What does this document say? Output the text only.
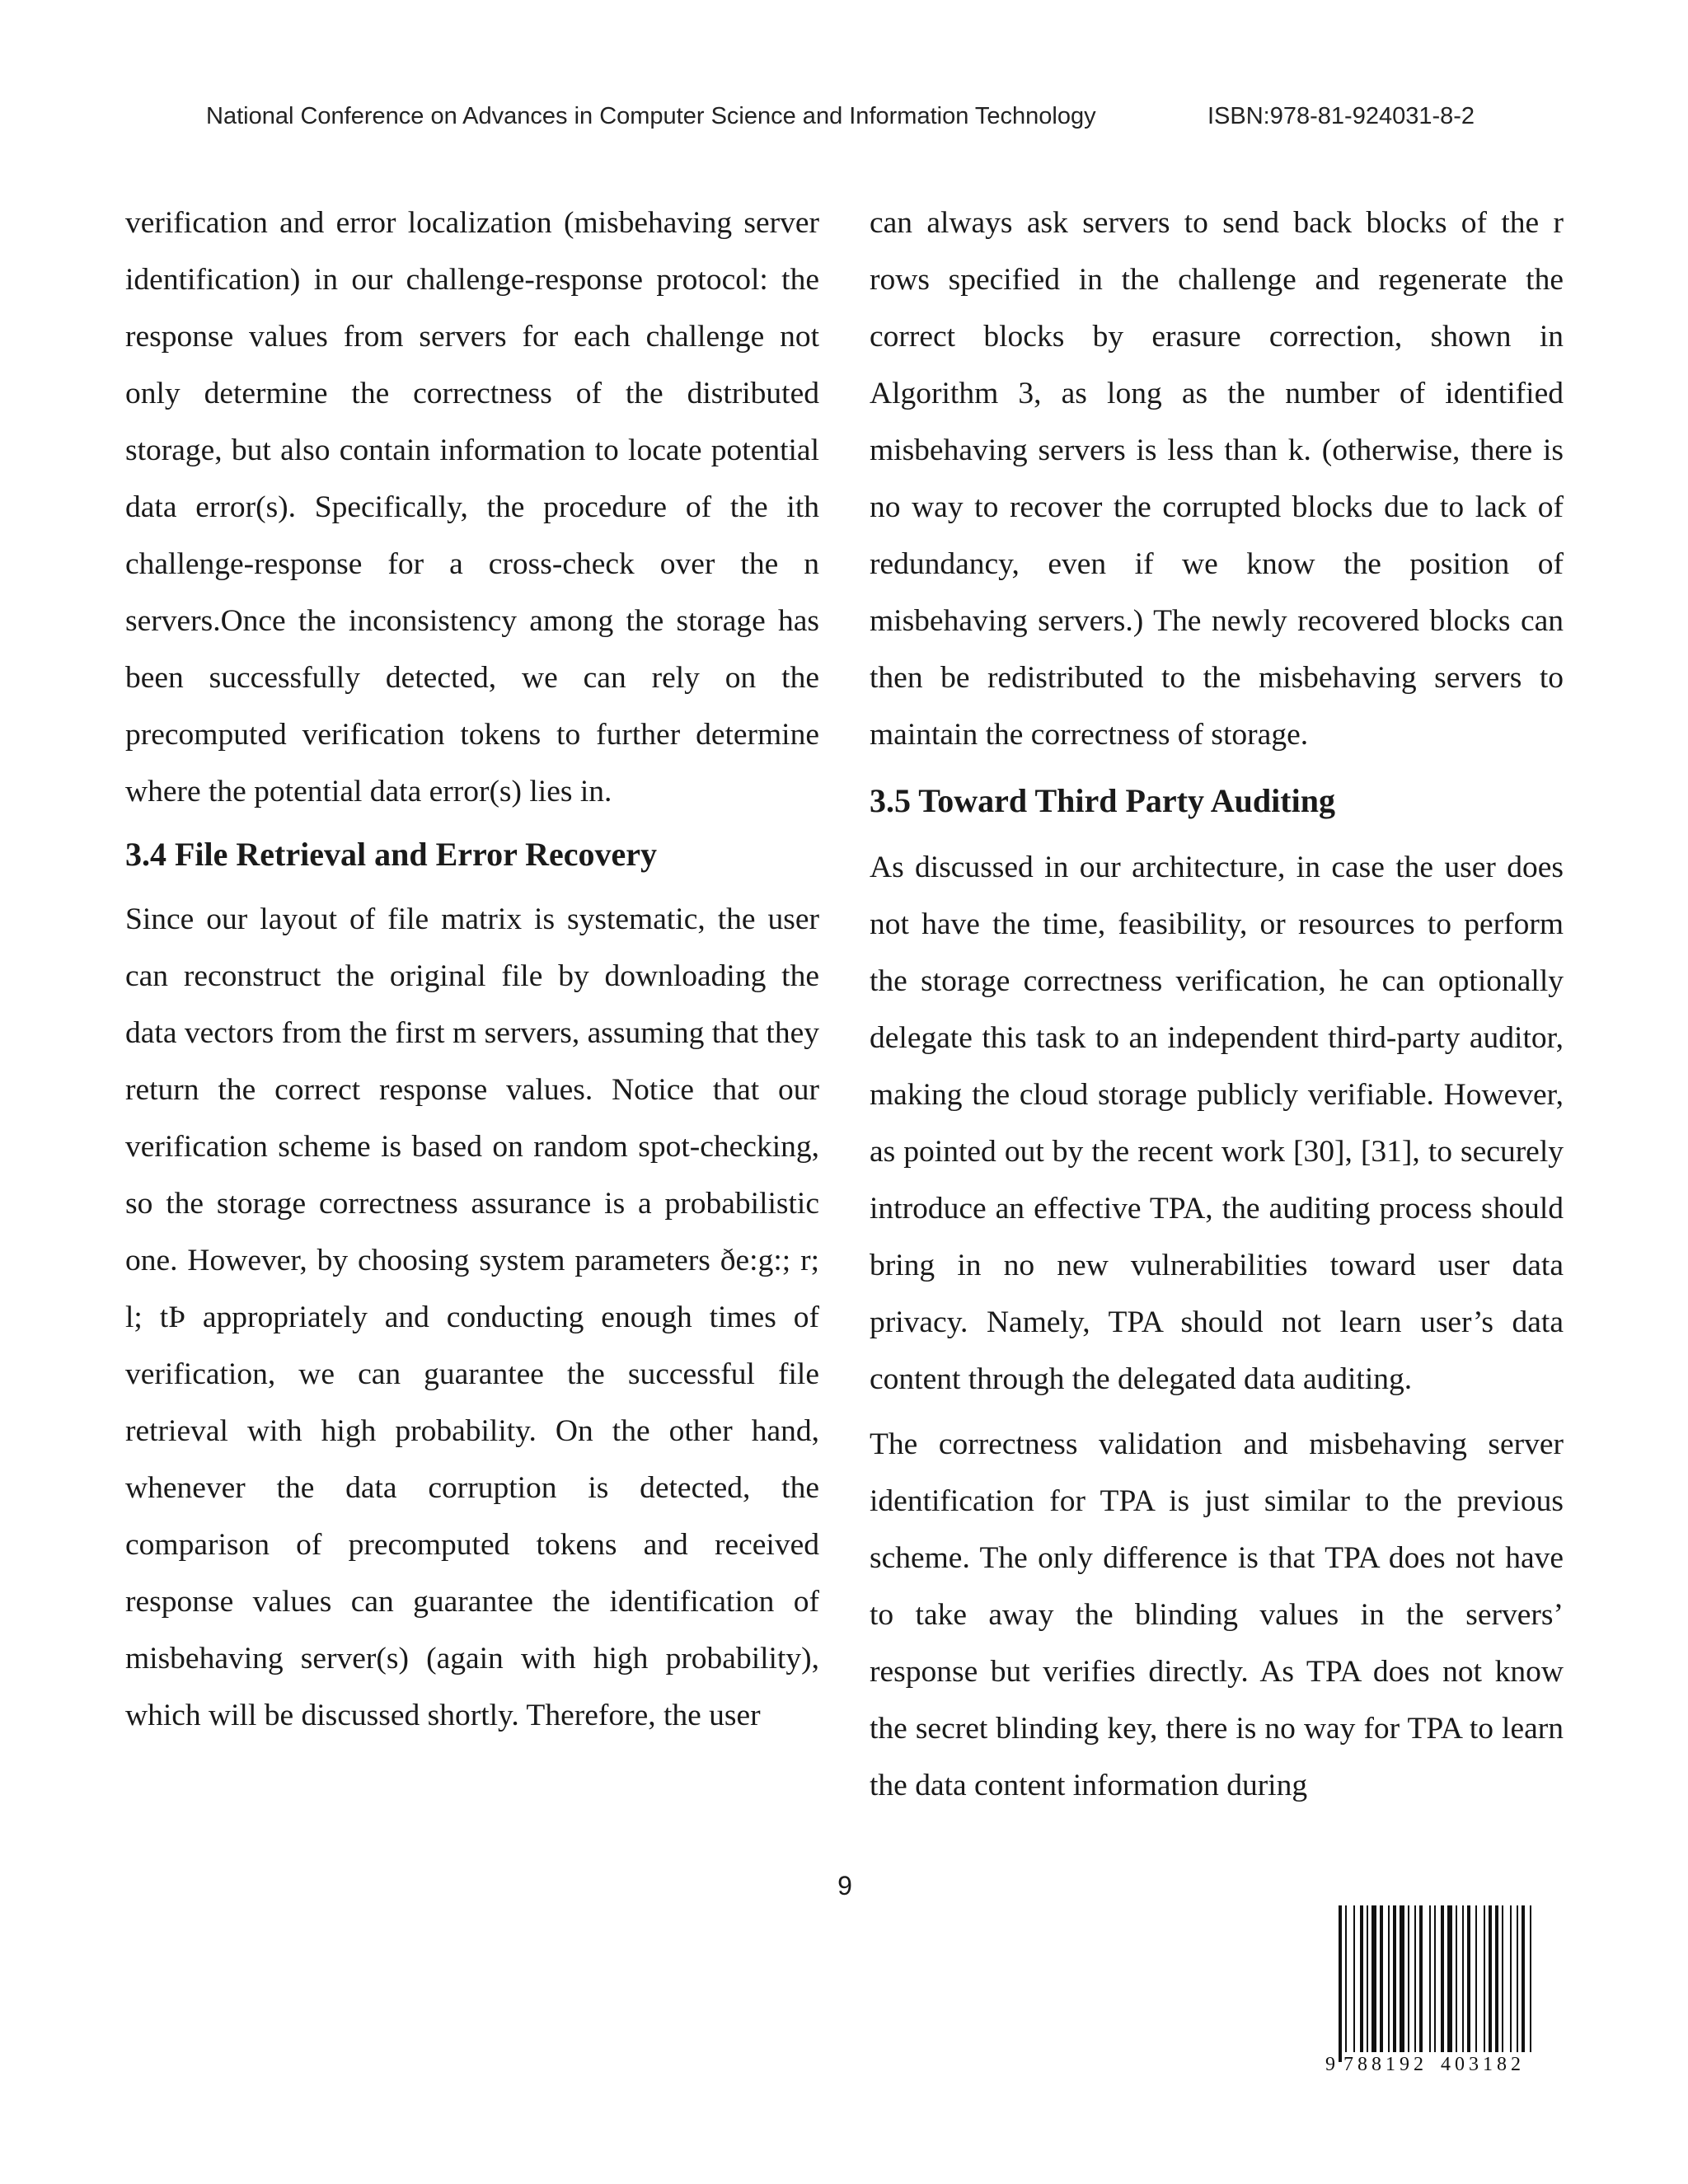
National Conference on Advances in Computer Science and Information Technology	ISBN:978-81-924031-8-2

verification and error localization (misbehaving server identification) in our challenge-response protocol: the response values from servers for each challenge not only determine the correctness of the distributed storage, but also contain information to locate potential data error(s). Specifically, the procedure of the ith challenge-response for a cross-check over the n servers.Once the inconsistency among the storage has been successfully detected, we can rely on the precomputed verification tokens to further determine where the potential data error(s) lies in.

3.4 File Retrieval and Error Recovery

Since our layout of file matrix is systematic, the user can reconstruct the original file by downloading the data vectors from the first m servers, assuming that they return the correct response values. Notice that our verification scheme is based on random spot-checking, so the storage correctness assurance is a probabilistic one. However, by choosing system parameters ðe:g:; r; l; tÞ appropriately and conducting enough times of verification, we can guarantee the successful file retrieval with high probability. On the other hand, whenever the data corruption is detected, the comparison of precomputed tokens and received response values can guarantee the identification of misbehaving server(s) (again with high probability), which will be discussed shortly. Therefore, the user

can always ask servers to send back blocks of the r rows specified in the challenge and regenerate the correct blocks by erasure correction, shown in Algorithm 3, as long as the number of identified misbehaving servers is less than k. (otherwise, there is no way to recover the corrupted blocks due to lack of redundancy, even if we know the position of misbehaving servers.) The newly recovered blocks can then be redistributed to the misbehaving servers to maintain the correctness of storage.

3.5 Toward Third Party Auditing

As discussed in our architecture, in case the user does not have the time, feasibility, or resources to perform the storage correctness verification, he can optionally delegate this task to an independent third-party auditor, making the cloud storage publicly verifiable. However, as pointed out by the recent work [30], [31], to securely introduce an effective TPA, the auditing process should bring in no new vulnerabilities toward user data privacy. Namely, TPA should not learn user’s data content through the delegated data auditing.

The correctness validation and misbehaving server identification for TPA is just similar to the previous scheme. The only difference is that TPA does not have to take away the blinding values in the servers’ response but verifies directly. As TPA does not know the secret blinding key, there is no way for TPA to learn the data content information during

9
9 788192 403182
